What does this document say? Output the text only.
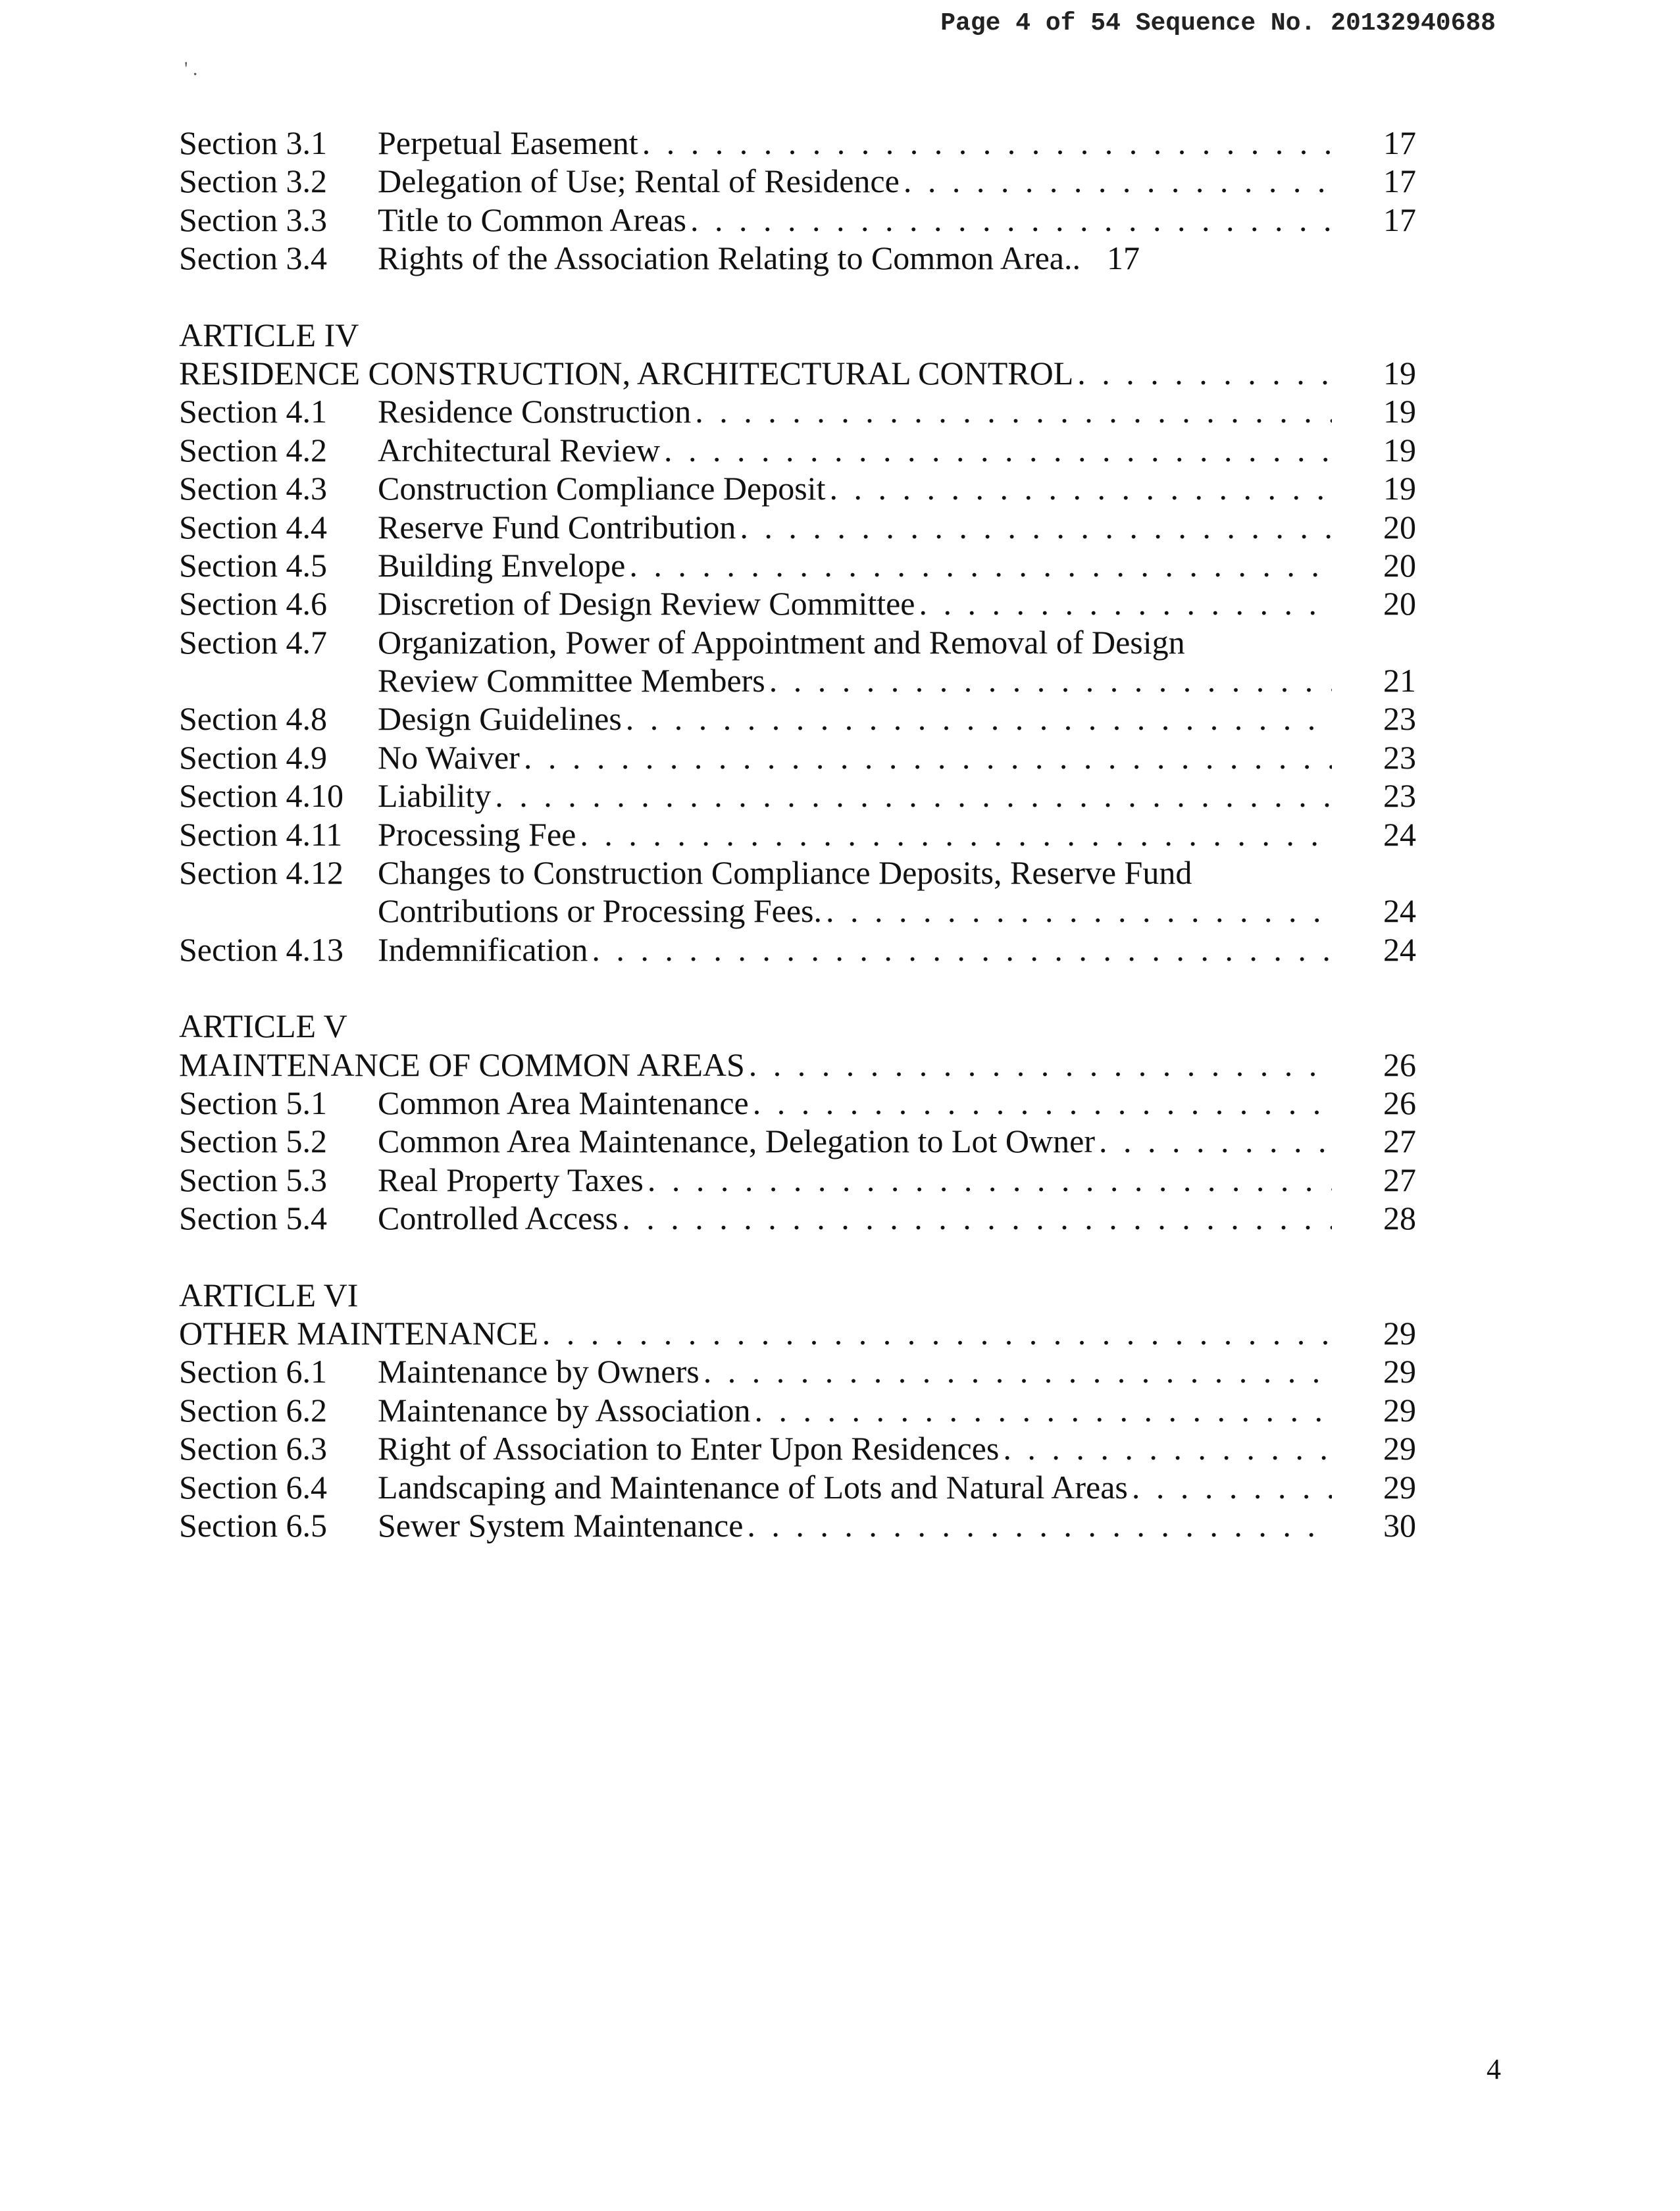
Page 4 of 54 Sequence No. 20132940688
' .
Section 3.1	Perpetual Easement . . .	17
Section 3.2	Delegation of Use; Rental of Residence . . .	17
Section 3.3	Title to Common Areas . . .	17
Section 3.4	Rights of the Association Relating to Common Area.. 17
ARTICLE IV
RESIDENCE CONSTRUCTION, ARCHITECTURAL CONTROL . . .	19
Section 4.1	Residence Construction . . .	19
Section 4.2	Architectural Review . . .	19
Section 4.3	Construction Compliance Deposit . . .	19
Section 4.4	Reserve Fund Contribution . . .	20
Section 4.5	Building Envelope . . .	20
Section 4.6	Discretion of Design Review Committee . . .	20
Section 4.7	Organization, Power of Appointment and Removal of Design
Review Committee Members . . .	21
Section 4.8	Design Guidelines . . .	23
Section 4.9	No Waiver . . .	23
Section 4.10	Liability . . .	23
Section 4.11	Processing Fee . . .	24
Section 4.12	Changes to Construction Compliance Deposits, Reserve Fund
Contributions or Processing Fees. . . .	24
Section 4.13	Indemnification . . .	24
ARTICLE V
MAINTENANCE OF COMMON AREAS . . .	26
Section 5.1	Common Area Maintenance . . .	26
Section 5.2	Common Area Maintenance, Delegation to Lot Owner . . .	27
Section 5.3	Real Property Taxes . . .	27
Section 5.4	Controlled Access . . .	28
ARTICLE VI
OTHER MAINTENANCE . . .	29
Section 6.1	Maintenance by Owners . . .	29
Section 6.2	Maintenance by Association . . .	29
Section 6.3	Right of Association to Enter Upon Residences . . .	29
Section 6.4	Landscaping and Maintenance of Lots and Natural Areas . . .	29
Section 6.5	Sewer System Maintenance . . .	30
4
